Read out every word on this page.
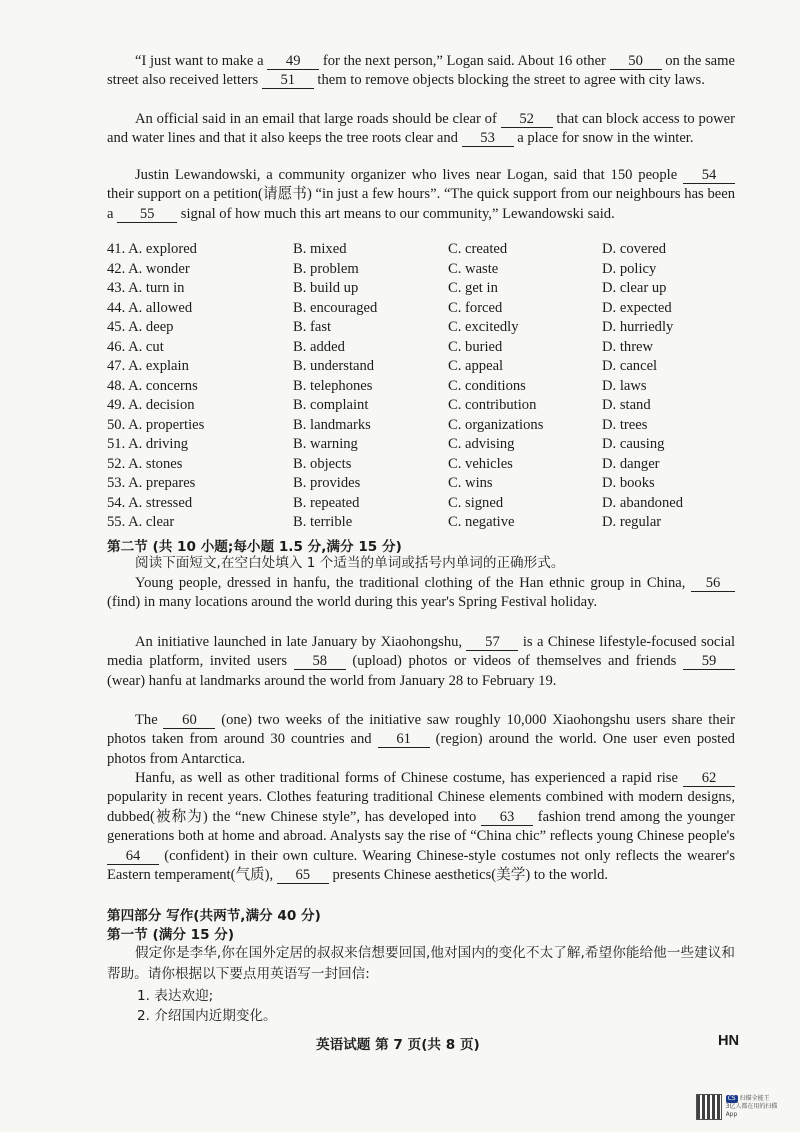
“I just want to make a 49 for the next person,” Logan said. About 16 other 50 on the same street also received letters 51 them to remove objects blocking the street to agree with city laws.
An official said in an email that large roads should be clear of 52 that can block access to power and water lines and that it also keeps the tree roots clear and 53 a place for snow in the winter.
Justin Lewandowski, a community organizer who lives near Logan, said that 150 people 54 their support on a petition(请愿书) “in just a few hours”. “The quick support from our neighbours has been a 55 signal of how much this art means to our community,” Lewandowski said.
41. A. explored	B. mixed	C. created	D. covered
42. A. wonder	B. problem	C. waste	D. policy
43. A. turn in	B. build up	C. get in	D. clear up
44. A. allowed	B. encouraged	C. forced	D. expected
45. A. deep	B. fast	C. excitedly	D. hurriedly
46. A. cut	B. added	C. buried	D. threw
47. A. explain	B. understand	C. appeal	D. cancel
48. A. concerns	B. telephones	C. conditions	D. laws
49. A. decision	B. complaint	C. contribution	D. stand
50. A. properties	B. landmarks	C. organizations	D. trees
51. A. driving	B. warning	C. advising	D. causing
52. A. stones	B. objects	C. vehicles	D. danger
53. A. prepares	B. provides	C. wins	D. books
54. A. stressed	B. repeated	C. signed	D. abandoned
55. A. clear	B. terrible	C. negative	D. regular
第二节 (共 10 小题;每小题 1.5 分,满分 15 分)
阅读下面短文,在空白处填入 1 个适当的单词或括号内单词的正确形式。
Young people, dressed in hanfu, the traditional clothing of the Han ethnic group in China, 56 (find) in many locations around the world during this year's Spring Festival holiday.
An initiative launched in late January by Xiaohongshu, 57 is a Chinese lifestyle-focused social media platform, invited users 58 (upload) photos or videos of themselves and friends 59 (wear) hanfu at landmarks around the world from January 28 to February 19.
The 60 (one) two weeks of the initiative saw roughly 10,000 Xiaohongshu users share their photos taken from around 30 countries and 61 (region) around the world. One user even posted photos from Antarctica.
Hanfu, as well as other traditional forms of Chinese costume, has experienced a rapid rise 62 popularity in recent years. Clothes featuring traditional Chinese elements combined with modern designs, dubbed(被称为) the “new Chinese style”, has developed into 63 fashion trend among the younger generations both at home and abroad. Analysts say the rise of “China chic” reflects young Chinese people's 64 (confident) in their own culture. Wearing Chinese-style costumes not only reflects the wearer's Eastern temperament(气质), 65 presents Chinese aesthetics(美学) to the world.
第四部分 写作(共两节,满分 40 分)
第一节 (满分 15 分)
假定你是李华,你在国外定居的叔叔来信想要回国,他对国内的变化不太了解,希望你能给他一些建议和帮助。请你根据以下要点用英语写一封回信:
1. 表达欢迎;
2. 介绍国内近期变化。
英语试题 第 7 页(共 8 页)	HN
CS 扫描全能王
3亿人都在用的扫描App
